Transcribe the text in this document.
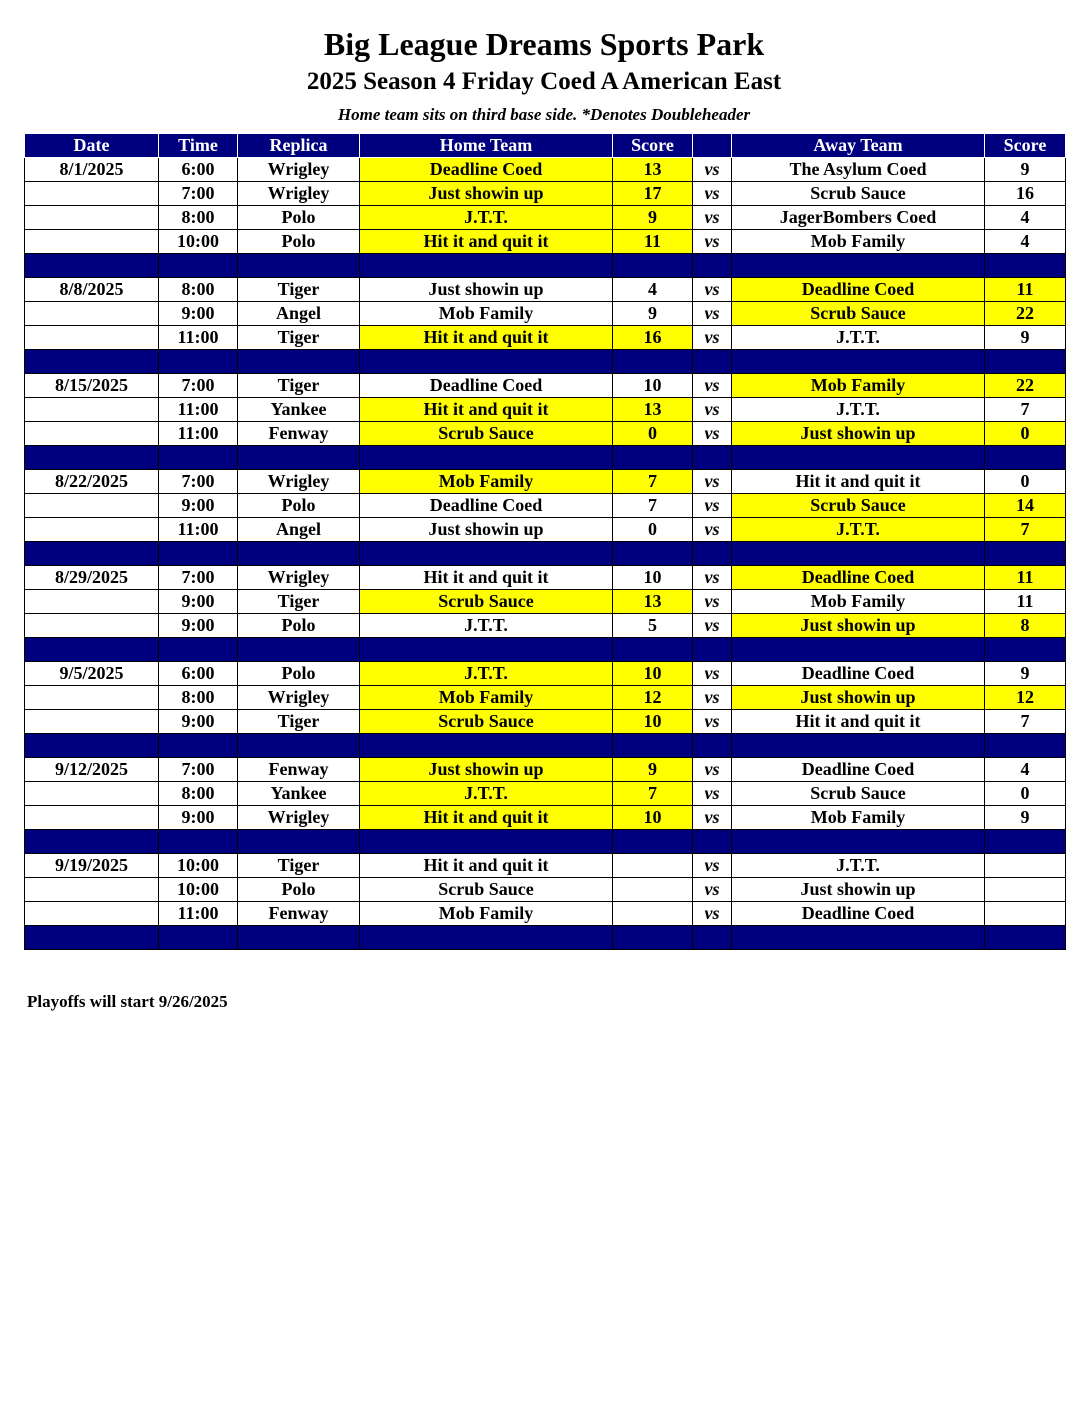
Big League Dreams Sports Park
2025 Season 4 Friday Coed A American East
Home team sits on third base side. *Denotes Doubleheader
Date	Time	Replica	Home Team	Score		Away Team	Score
8/1/2025	6:00	Wrigley	Deadline Coed	13	vs	The Asylum Coed	9
	7:00	Wrigley	Just showin up	17	vs	Scrub Sauce	16
	8:00	Polo	J.T.T.	9	vs	JagerBombers Coed	4
	10:00	Polo	Hit it and quit it	11	vs	Mob Family	4

8/8/2025	8:00	Tiger	Just showin up	4	vs	Deadline Coed	11
	9:00	Angel	Mob Family	9	vs	Scrub Sauce	22
	11:00	Tiger	Hit it and quit it	16	vs	J.T.T.	9

8/15/2025	7:00	Tiger	Deadline Coed	10	vs	Mob Family	22
	11:00	Yankee	Hit it and quit it	13	vs	J.T.T.	7
	11:00	Fenway	Scrub Sauce	0	vs	Just showin up	0

8/22/2025	7:00	Wrigley	Mob Family	7	vs	Hit it and quit it	0
	9:00	Polo	Deadline Coed	7	vs	Scrub Sauce	14
	11:00	Angel	Just showin up	0	vs	J.T.T.	7

8/29/2025	7:00	Wrigley	Hit it and quit it	10	vs	Deadline Coed	11
	9:00	Tiger	Scrub Sauce	13	vs	Mob Family	11
	9:00	Polo	J.T.T.	5	vs	Just showin up	8

9/5/2025	6:00	Polo	J.T.T.	10	vs	Deadline Coed	9
	8:00	Wrigley	Mob Family	12	vs	Just showin up	12
	9:00	Tiger	Scrub Sauce	10	vs	Hit it and quit it	7

9/12/2025	7:00	Fenway	Just showin up	9	vs	Deadline Coed	4
	8:00	Yankee	J.T.T.	7	vs	Scrub Sauce	0
	9:00	Wrigley	Hit it and quit it	10	vs	Mob Family	9

9/19/2025	10:00	Tiger	Hit it and quit it		vs	J.T.T.	
	10:00	Polo	Scrub Sauce		vs	Just showin up	
	11:00	Fenway	Mob Family		vs	Deadline Coed	

Playoffs will start 9/26/2025
